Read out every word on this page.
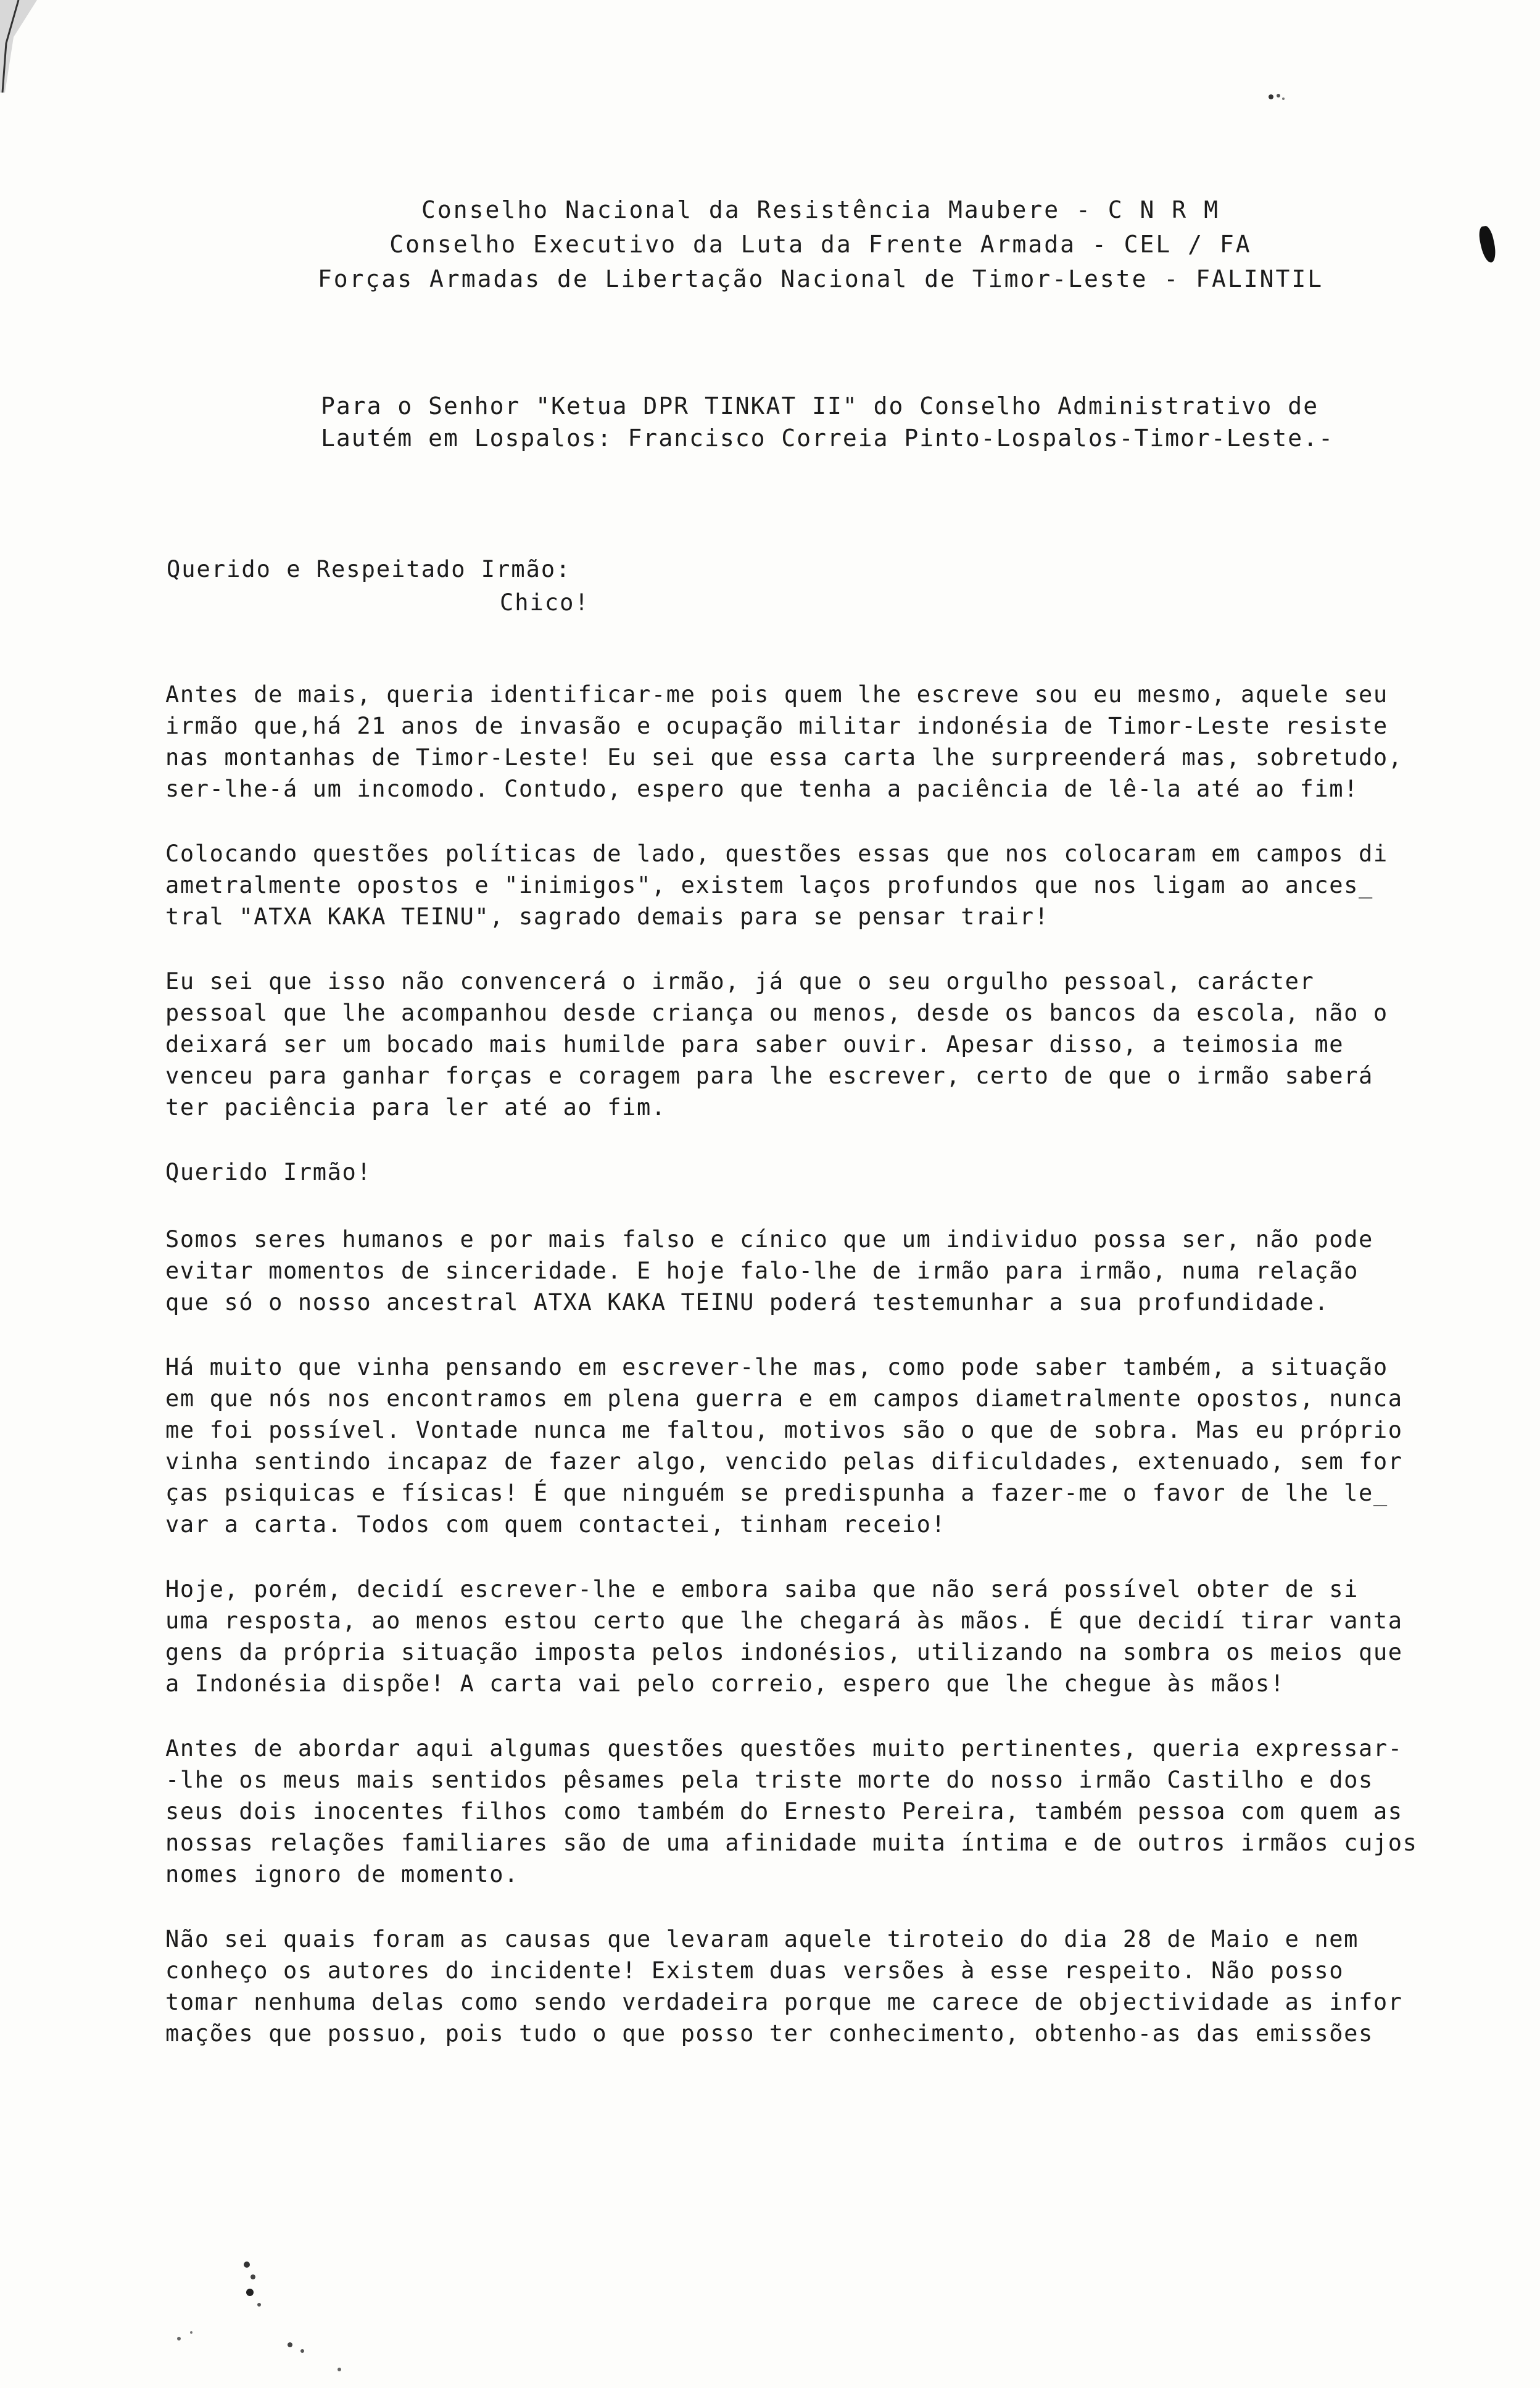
Conselho Nacional da Resistência Maubere - C N R M
Conselho Executivo da Luta da Frente Armada - CEL / FA
Forças Armadas de Libertação Nacional de Timor-Leste - FALINTIL
Para o Senhor "Ketua DPR TINKAT II" do Conselho Administrativo de
Lautém em Lospalos: Francisco Correia Pinto-Lospalos-Timor-Leste.-
Querido e Respeitado Irmão:
Chico!
Antes de mais, queria identificar-me pois quem lhe escreve sou eu mesmo, aquele seu
irmão que,há 21 anos de invasão e ocupação militar indonésia de Timor-Leste resiste
nas montanhas de Timor-Leste! Eu sei que essa carta lhe surpreenderá mas, sobretudo,
ser-lhe-á um incomodo. Contudo, espero que tenha a paciência de lê-la até ao fim!
Colocando questões políticas de lado, questões essas que nos colocaram em campos di
ametralmente opostos e "inimigos", existem laços profundos que nos ligam ao ances_
tral "ATXA KAKA TEINU", sagrado demais para se pensar trair!
Eu sei que isso não convencerá o irmão, já que o seu orgulho pessoal, carácter
pessoal que lhe acompanhou desde criança ou menos, desde os bancos da escola, não o
deixará ser um bocado mais humilde para saber ouvir. Apesar disso, a teimosia me
venceu para ganhar forças e coragem para lhe escrever, certo de que o irmão saberá
ter paciência para ler até ao fim.
Querido Irmão!
Somos seres humanos e por mais falso e cínico que um individuo possa ser, não pode
evitar momentos de sinceridade. E hoje falo-lhe de irmão para irmão, numa relação
que só o nosso ancestral ATXA KAKA TEINU poderá testemunhar a sua profundidade.
Há muito que vinha pensando em escrever-lhe mas, como pode saber também, a situação
em que nós nos encontramos em plena guerra e em campos diametralmente opostos, nunca
me foi possível. Vontade nunca me faltou, motivos são o que de sobra. Mas eu próprio
vinha sentindo incapaz de fazer algo, vencido pelas dificuldades, extenuado, sem for
ças psiquicas e físicas! É que ninguém se predispunha a fazer-me o favor de lhe le_
var a carta. Todos com quem contactei, tinham receio!
Hoje, porém, decidí escrever-lhe e embora saiba que não será possível obter de si
uma resposta, ao menos estou certo que lhe chegará às mãos. É que decidí tirar vanta
gens da própria situação imposta pelos indonésios, utilizando na sombra os meios que
a Indonésia dispõe! A carta vai pelo correio, espero que lhe chegue às mãos!
Antes de abordar aqui algumas questões questões muito pertinentes, queria expressar-
-lhe os meus mais sentidos pêsames pela triste morte do nosso irmão Castilho e dos
seus dois inocentes filhos como também do Ernesto Pereira, também pessoa com quem as
nossas relações familiares são de uma afinidade muita íntima e de outros irmãos cujos
nomes ignoro de momento.
Não sei quais foram as causas que levaram aquele tiroteio do dia 28 de Maio e nem
conheço os autores do incidente! Existem duas versões à esse respeito. Não posso
tomar nenhuma delas como sendo verdadeira porque me carece de objectividade as infor
mações que possuo, pois tudo o que posso ter conhecimento, obtenho-as das emissões
